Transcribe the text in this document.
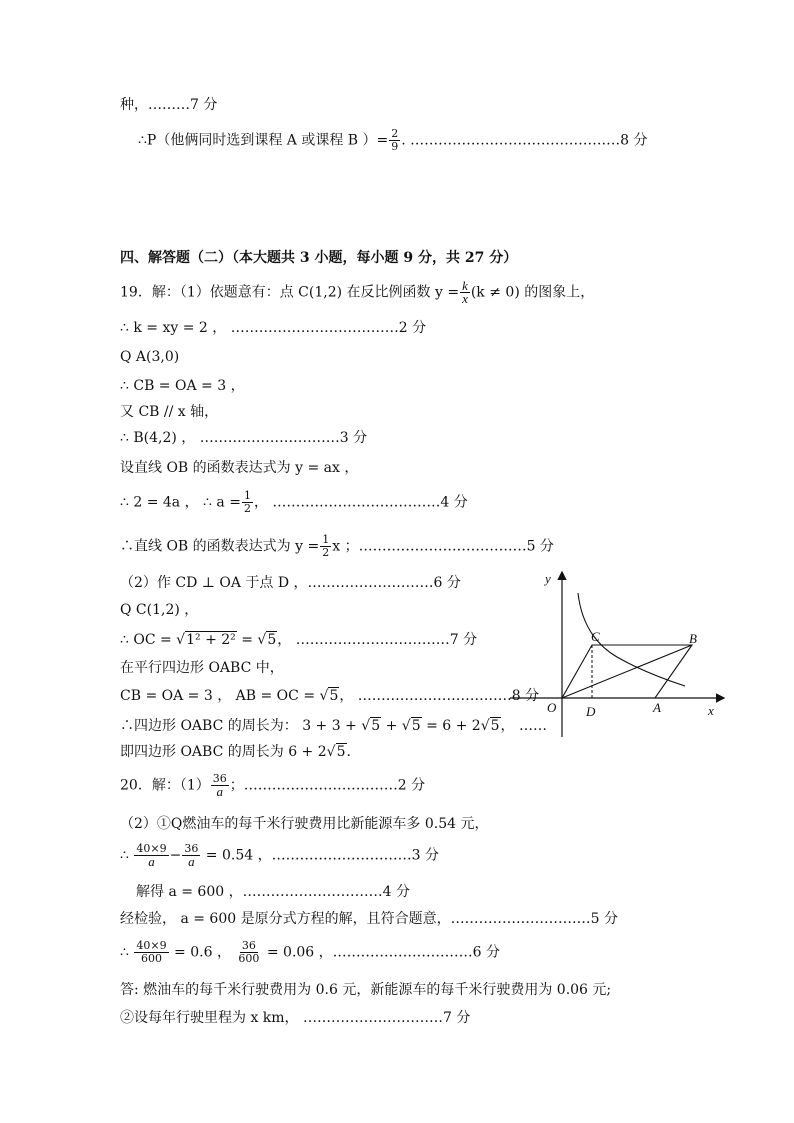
种，………7 分
∴P（他俩同时选到课程 A 或课程 B ）= $\frac{2}{9}$ . ………………………………………8 分
四、解答题（二）（本大题共 3 小题，每小题 9 分，共 27 分）
19．解：（1）依题意有：点 C(1,2) 在反比例函数 $y = \frac{k}{x} (k \ne 0)$ 的图象上，
∴ k = xy = 2 ， ………………………………2 分
Q A(3,0)
∴ CB = OA = 3 ，
又 CB // x 轴，
∴ B(4,2) ， …………………………3 分
设直线 OB 的函数表达式为 y = ax ，
∴ 2 = 4a ， ∴ $a = \frac{1}{2}$ ， ………………………………4 分
∴直线 OB 的函数表达式为 $y = \frac{1}{2}$ x ；………………………………5 分
（2）作 CD ⊥ OA 于点 D ，………………………6 分
Q C(1,2) ，
∴ OC = √1² + 2² = √5， ……………………………7 分
在平行四边形 OABC 中，
CB = OA = 3 ， AB = OC = √5， ……………………………8 分
∴四边形 OABC 的周长为： 3 + 3 + √5 + √5 = 6 + 2√5， ……
即四边形 OABC 的周长为 6 + 2√5.
20．解：$(1) \frac{36}{a}$ ；……………………………2 分
（2）①Q燃油车的每千米行驶费用比新能源车多 0.54 元，
∴ $\frac{40\times 9}{a} - \frac{36}{a} = 0.54$ ，…………………………3 分
解得 a = 600 ，…………………………4 分
经检验， a = 600 是原分式方程的解，且符合题意，…………………………5 分
∴ $\frac{40\times 9}{600} = 0.6$ ， $\frac{36}{600} = 0.06$ ，…………………………6 分
答: 燃油车的每千米行驶费用为 0.6 元，新能源车的每千米行驶费用为 0.06 元;
②设每年行驶里程为 x km， …………………………7 分
y
x
O D	A
C	B
